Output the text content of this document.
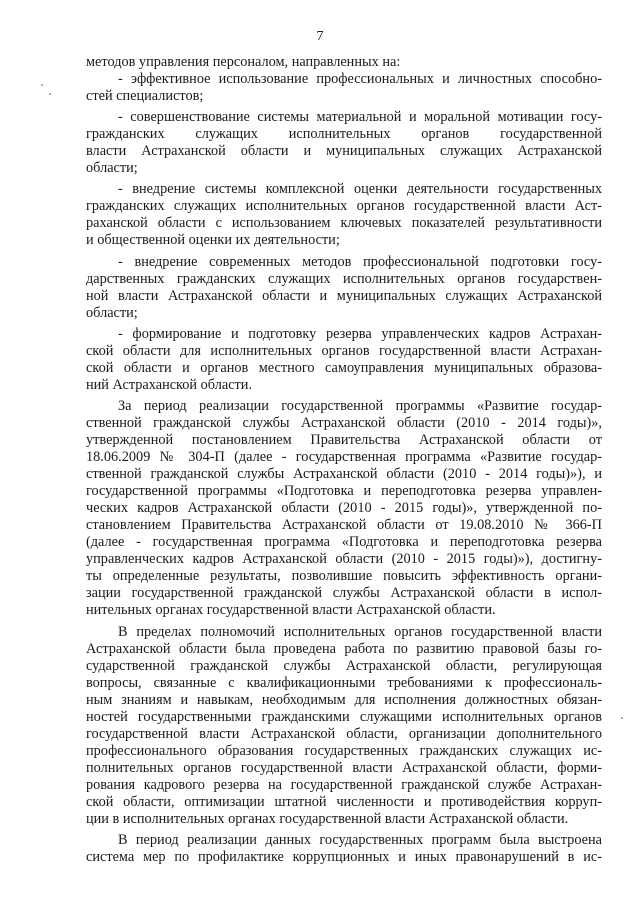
7
методов управления персоналом, направленных на:
- эффективное использование профессиональных и личностных способно-
стей специалистов;
- совершенствование системы материальной и моральной мотивации госу-
гражданских служащих исполнительных органов государственной
власти Астраханской области и муниципальных служащих Астраханской
области;
- внедрение системы комплексной оценки деятельности государственных
гражданских служащих исполнительных органов государственной власти Аст-
раханской области с использованием ключевых показателей результативности
и общественной оценки их деятельности;
- внедрение современных методов профессиональной подготовки госу-
дарственных гражданских служащих исполнительных органов государствен-
ной власти Астраханской области и муниципальных служащих Астраханской
области;
- формирование и подготовку резерва управленческих кадров Астрахан-
ской области для исполнительных органов государственной власти Астрахан-
ской области и органов местного самоуправления муниципальных образова-
ний Астраханской области.
За период реализации государственной программы «Развитие государ-
ственной гражданской службы Астраханской области (2010 - 2014 годы)»,
утвержденной постановлением Правительства Астраханской области от
18.06.2009 № 304-П (далее - государственная программа «Развитие государ-
ственной гражданской службы Астраханской области (2010 - 2014 годы)»), и
государственной программы «Подготовка и переподготовка резерва управлен-
ческих кадров Астраханской области (2010 - 2015 годы)», утвержденной по-
становлением Правительства Астраханской области от 19.08.2010 № 366-П
(далее - государственная программа «Подготовка и переподготовка резерва
управленческих кадров Астраханской области (2010 - 2015 годы)»), достигну-
ты определенные результаты, позволившие повысить эффективность органи-
зации государственной гражданской службы Астраханской области в испол-
нительных органах государственной власти Астраханской области.
В пределах полномочий исполнительных органов государственной власти
Астраханской области была проведена работа по развитию правовой базы го-
сударственной гражданской службы Астраханской области, регулирующая
вопросы, связанные с квалификационными требованиями к профессиональ-
ным знаниям и навыкам, необходимым для исполнения должностных обязан-
ностей государственными гражданскими служащими исполнительных органов
государственной власти Астраханской области, организации дополнительного
профессионального образования государственных гражданских служащих ис-
полнительных органов государственной власти Астраханской области, форми-
рования кадрового резерва на государственной гражданской службе Астрахан-
ской области, оптимизации штатной численности и противодействия корруп-
ции в исполнительных органах государственной власти Астраханской области.
В период реализации данных государственных программ была выстроена
система мер по профилактике коррупционных и иных правонарушений в ис-
